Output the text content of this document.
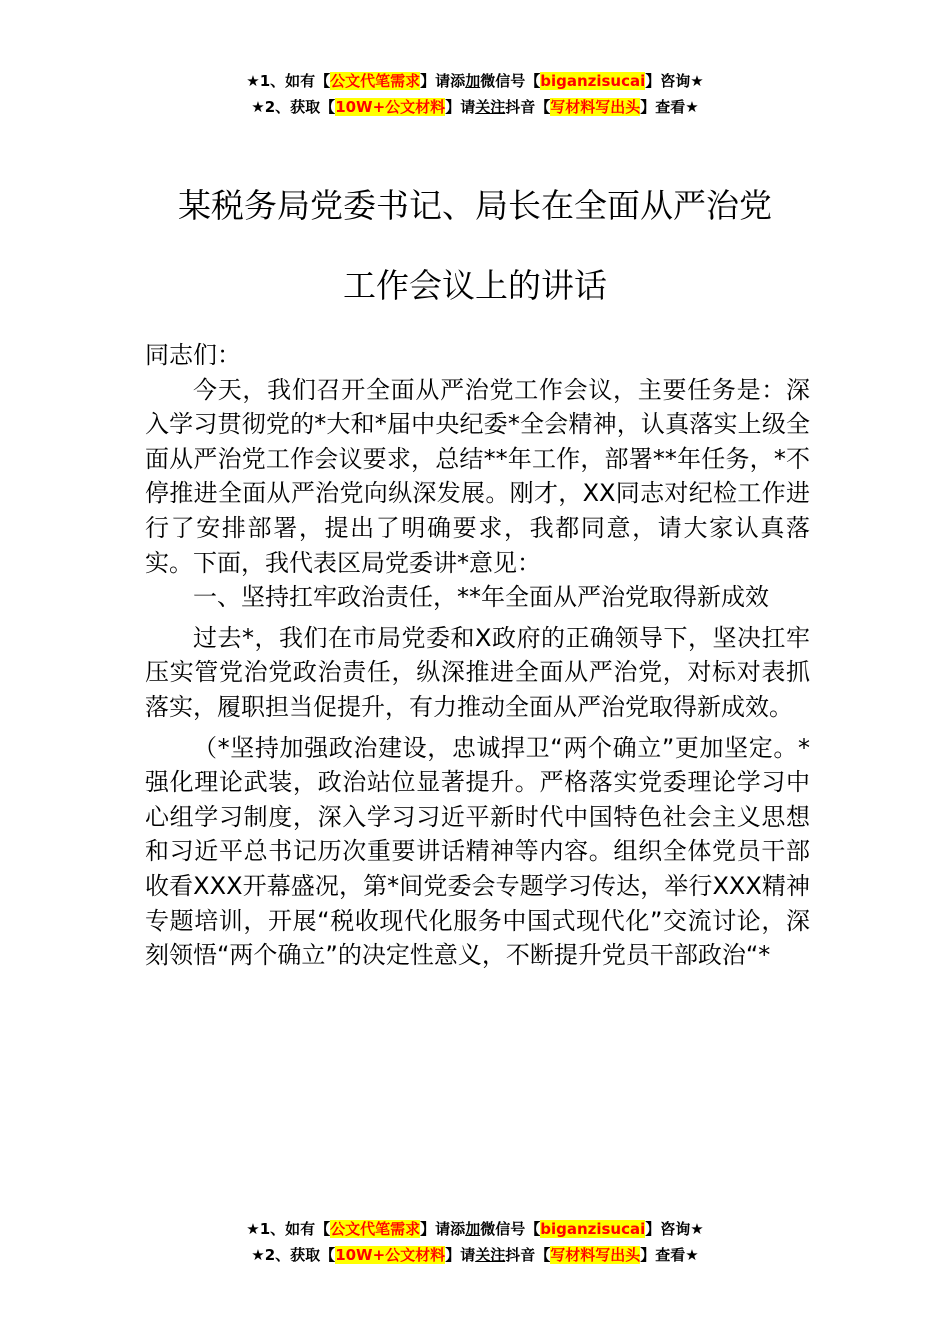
★1、如有【公文代笔需求】请添加微信号【biganzisucai】咨询★
★2、获取【10W+公文材料】请关注抖音【写材料写出头】查看★
某税务局党委书记、局长在全面从严治党
工作会议上的讲话

同志们：

今天，我们召开全面从严治党工作会议，主要任务是：深入学习贯彻党的*大和*届中央纪委*全会精神，认真落实上级全面从严治党工作会议要求，总结**年工作，部署**年任务，*不停推进全面从严治党向纵深发展。刚才，XX同志对纪检工作进行了安排部署，提出了明确要求，我都同意，请大家认真落实。下面，我代表区局党委讲*意见：

一、坚持扛牢政治责任，**年全面从严治党取得新成效

过去*，我们在市局党委和X政府的正确领导下，坚决扛牢压实管党治党政治责任，纵深推进全面从严治党，对标对表抓落实，履职担当促提升，有力推动全面从严治党取得新成效。

（*坚持加强政治建设，忠诚捍卫“两个确立”更加坚定。*强化理论武装，政治站位显著提升。严格落实党委理论学习中心组学习制度，深入学习习近平新时代中国特色社会主义思想和习近平总书记历次重要讲话精神等内容。组织全体党员干部收看XXX开幕盛况，第*间党委会专题学习传达，举行XXX精神专题培训，开展“税收现代化服务中国式现代化”交流讨论，深刻领悟“两个确立”的决定性意义，不断提升党员干部政治“*

★1、如有【公文代笔需求】请添加微信号【biganzisucai】咨询★
★2、获取【10W+公文材料】请关注抖音【写材料写出头】查看★
